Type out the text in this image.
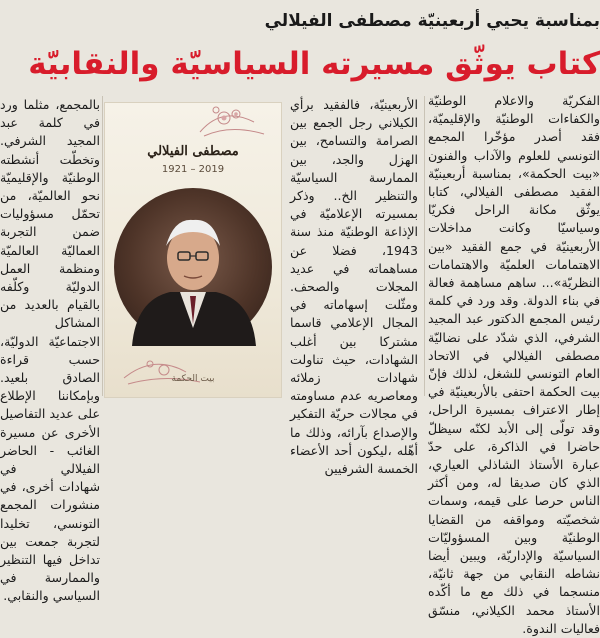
بمناسبة يحيي أربعينيّة مصطفى الفيلالي
كتاب يوثّق مسيرته السياسيّة والنقابيّة

الفكريّة والاعلام الوطنيّة والكفاءات الوطنيّة والإقليميّة، فقد أصدر مؤخّرا المجمع التونسي للعلوم والآداب والفنون «بيت الحكمة»، بمناسبة أربعينيّة الفقيد مصطفى الفيلالي، كتابا يوثّق مكانة الراحل فكريّا وسياسيّا وكانت مداخلات الأربعينيّة في جمع الفقيد «بين الاهتمامات العلميّة والاهتمامات النظريّة»... ساهم مساهمة فعالة في بناء الدولة. وقد ورد في كلمة رئيس المجمع الدكتور عبد المجيد الشرفي، الذي شدّد على نضاليّة مصطفى الفيلالي في الاتحاد العام التونسي للشغل، لذلك فإنّ بيت الحكمة احتفى بالأربعينيّة في إطار الاعتراف بمسيرة الراحل، وقد تولّى إلى الأبد لكنّه سيظلّ حاضرا في الذاكرة، على حدّ عبارة الأستاذ الشاذلي العياري، الذي كان صديقا له، ومن أكثر الناس حرصا على قيمه، وسمات شخصيّته ومواقفه من القضايا الوطنيّة وبين المسؤوليّات السياسيّة والإداريّة، ويبين أيضا نشاطه النقابي من جهة ثانيّة، منسجما في ذلك مع ما أكّده الأستاذ محمد الكيلاني، منسّق فعاليات الندوة.

الأربعينيّة، فالفقيد برأي الكيلاني رجل الجمع بين الصرامة والتسامح، بين الهزل والجد، بين الممارسة السياسيّة والتنظير الخ.. وذكر بمسيرته الإعلاميّة في الإذاعة الوطنيّة منذ سنة 1943، فضلا عن مساهماته في عديد المجلات والصحف. ومثّلت إسهاماته في المجال الإعلامي قاسما مشتركا بين أغلب الشهادات، حيث تناولت شهادات زملائه ومعاصريه عدم مساومته في مجالات حريّة التفكير والإصداع بآرائه، وذلك ما أهّله ،ليكون أحد الأعضاء الخمسة الشرفيين

مصطفى الفيلالي
1921 – 2019
بيت الحكمة

بالمجمع، مثلما ورد في كلمة عبد المجيد الشرفي. وتخطّت أنشطته الوطنيّة والإقليميّة نحو العالميّة، من تحمّل مسؤوليات ضمن التجربة العماليّة العالميّة ومنظمة العمل الدوليّة وكلّفه بالقيام بالعديد من المشاكل الاجتماعيّة الدوليّة، حسب قراءة الصادق بلعيد. وبإمكاننا الإطلاع على عديد التفاصيل الأخرى عن مسيرة الغائب - الحاضر الفيلالي في شهادات أخرى، في منشورات المجمع التونسي، تخليدا لتجربة جمعت بين تداخل فيها التنظير والممارسة في السياسي والنقابي.
